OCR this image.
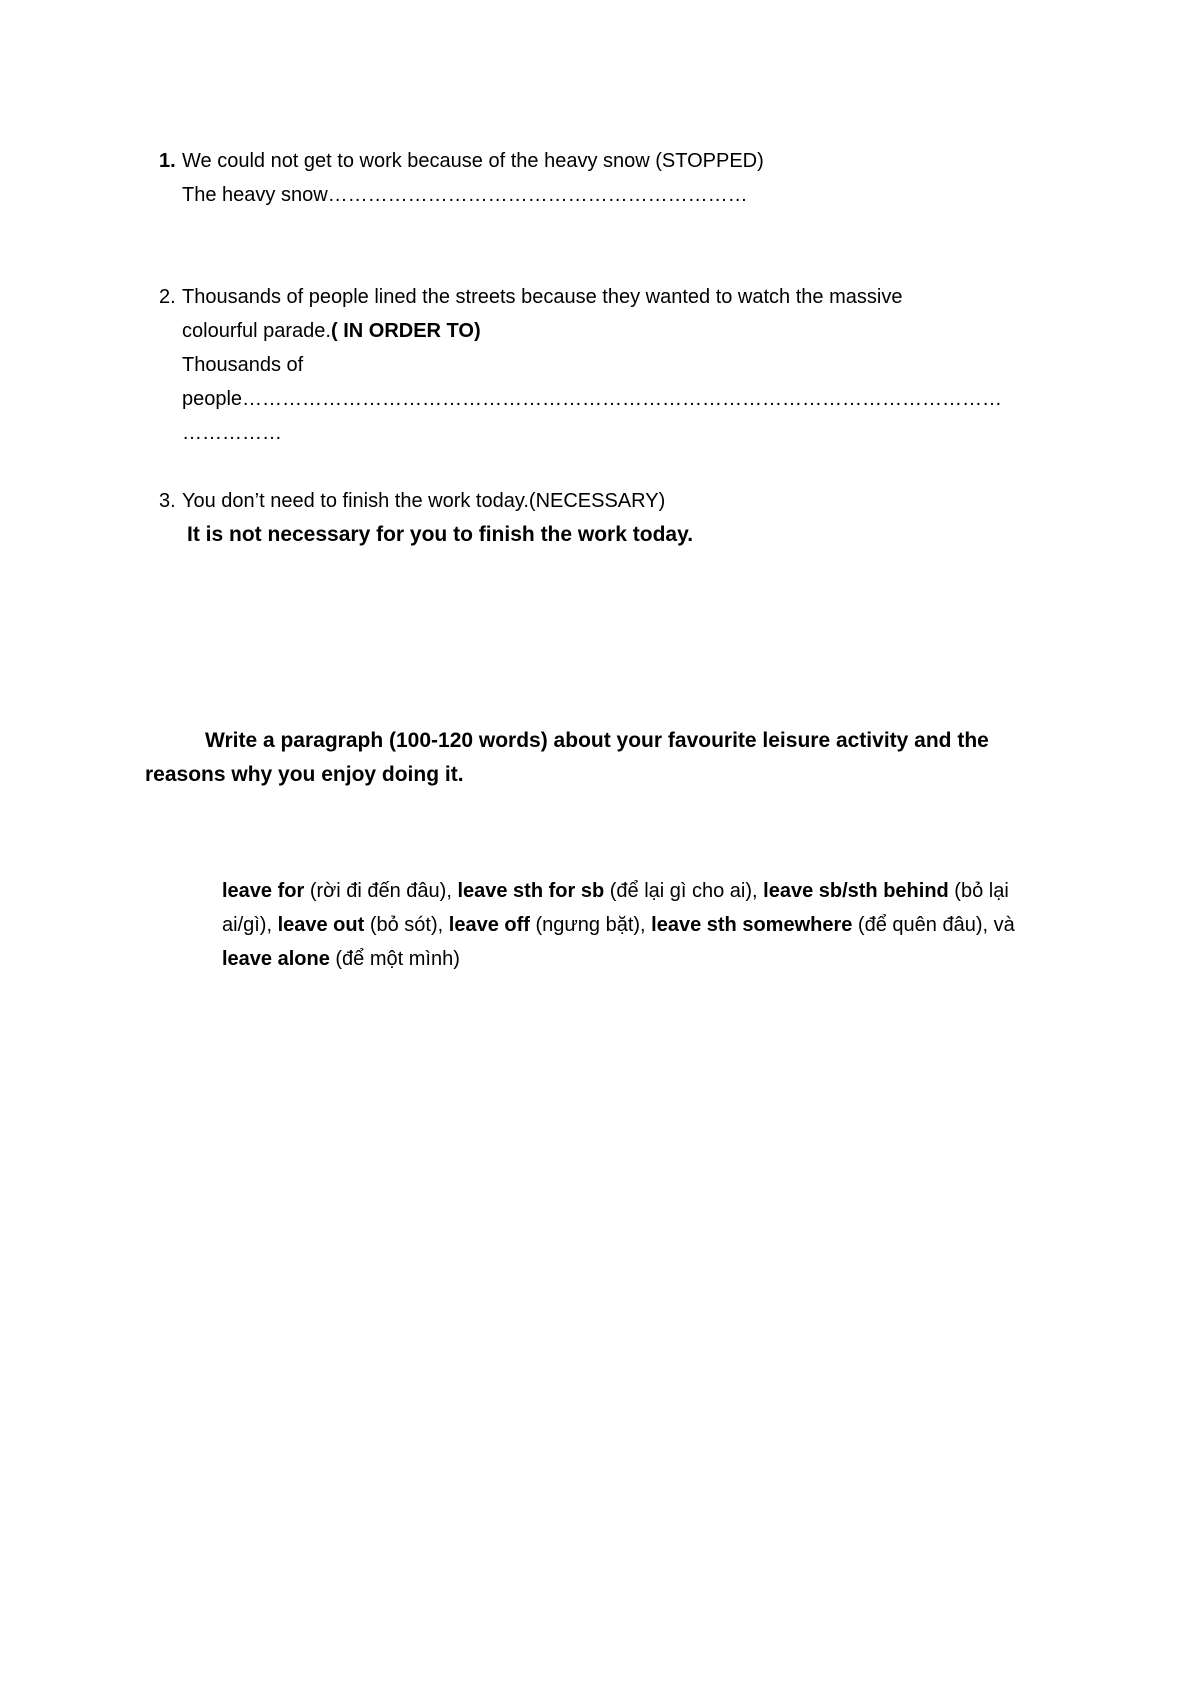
1. We could not get to work because of the heavy snow (STOPPED)
The heavy snow………………………………………………………
2. Thousands of people lined the streets because they wanted to watch the massive
colourful parade.( IN ORDER TO)
Thousands of
people……………………………………………………………………………………………………
……………
3. You don’t need to finish the work today.(NECESSARY)
It is not necessary for you to finish the work today.
Write a paragraph (100-120 words) about your favourite leisure activity and the
reasons why you enjoy doing it.
leave for (rời đi đến đâu), leave sth for sb (để lại gì cho ai), leave sb/sth behind (bỏ lại ai/gì), leave out (bỏ sót), leave off (ngưng bặt), leave sth somewhere (để quên đâu), và leave alone (để một mình)
